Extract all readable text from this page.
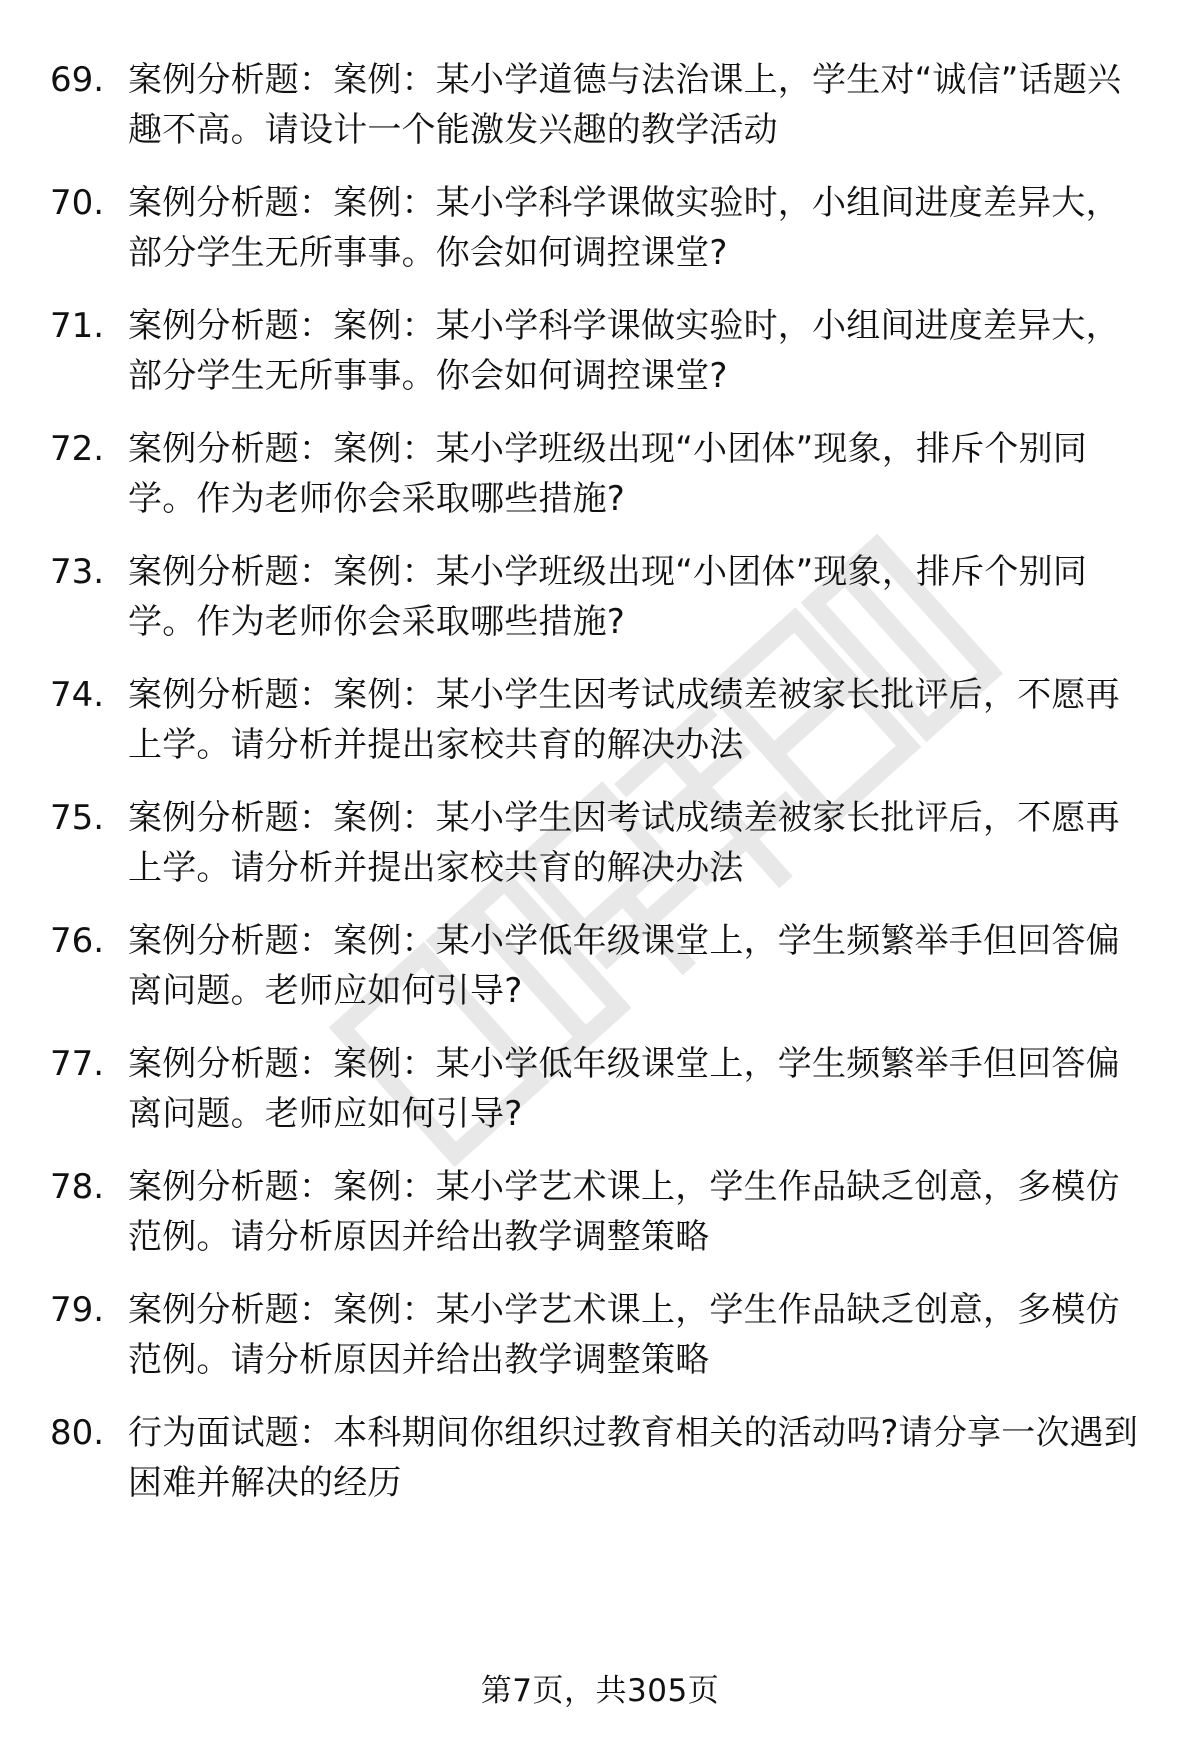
69. 案例分析题：案例：某小学道德与法治课上，学生对“诚信”话题兴趣不高。请设计一个能激发兴趣的教学活动
70. 案例分析题：案例：某小学科学课做实验时，小组间进度差异大，部分学生无所事事。你会如何调控课堂?
71. 案例分析题：案例：某小学科学课做实验时，小组间进度差异大，部分学生无所事事。你会如何调控课堂?
72. 案例分析题：案例：某小学班级出现“小团体”现象，排斥个别同学。作为老师你会采取哪些措施?
73. 案例分析题：案例：某小学班级出现“小团体”现象，排斥个别同学。作为老师你会采取哪些措施?
74. 案例分析题：案例：某小学生因考试成绩差被家长批评后，不愿再上学。请分析并提出家校共育的解决办法
75. 案例分析题：案例：某小学生因考试成绩差被家长批评后，不愿再上学。请分析并提出家校共育的解决办法
76. 案例分析题：案例：某小学低年级课堂上，学生频繁举手但回答偏离问题。老师应如何引导?
77. 案例分析题：案例：某小学低年级课堂上，学生频繁举手但回答偏离问题。老师应如何引导?
78. 案例分析题：案例：某小学艺术课上，学生作品缺乏创意，多模仿范例。请分析原因并给出教学调整策略
79. 案例分析题：案例：某小学艺术课上，学生作品缺乏创意，多模仿范例。请分析原因并给出教学调整策略
80. 行为面试题：本科期间你组织过教育相关的活动吗?请分享一次遇到困难并解决的经历
第7页，共305页
